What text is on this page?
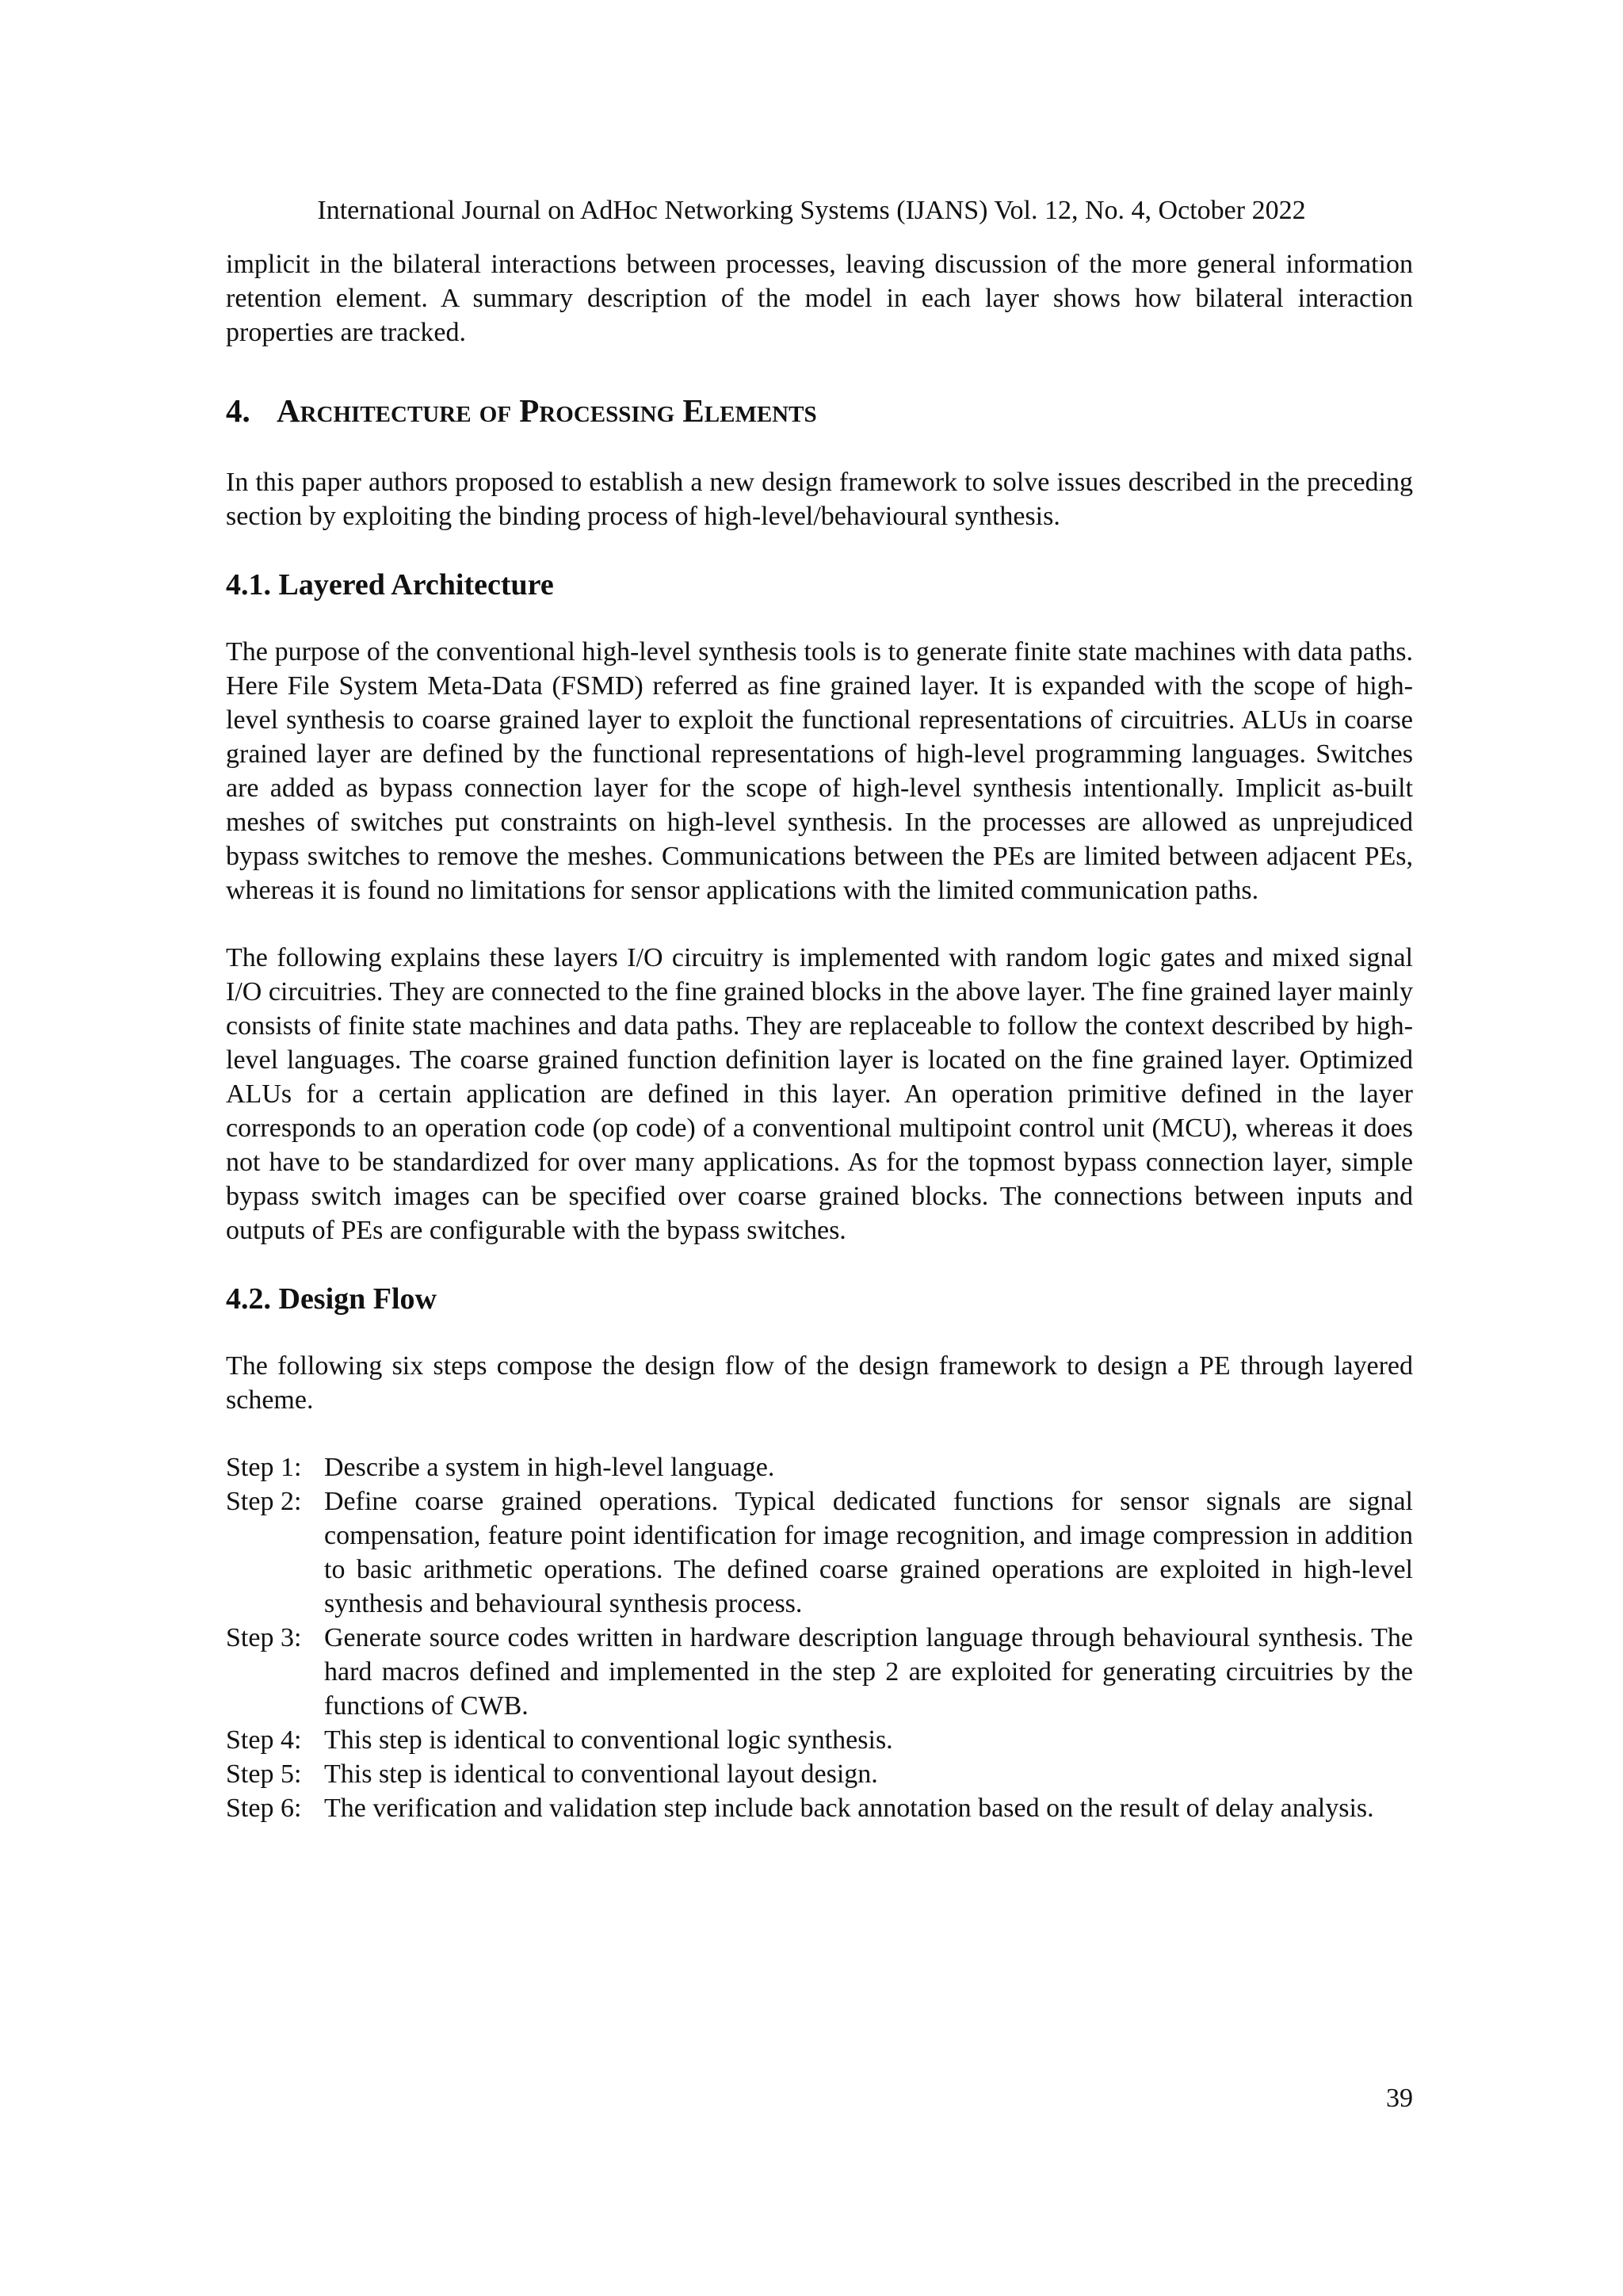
International Journal on AdHoc Networking Systems (IJANS) Vol. 12, No. 4, October 2022

implicit in the bilateral interactions between processes, leaving discussion of the more general information retention element. A summary description of the model in each layer shows how bilateral interaction properties are tracked.

4. Architecture of Processing Elements

In this paper authors proposed to establish a new design framework to solve issues described in the preceding section by exploiting the binding process of high-level/behavioural synthesis.

4.1. Layered Architecture

The purpose of the conventional high-level synthesis tools is to generate finite state machines with data paths. Here File System Meta-Data (FSMD) referred as fine grained layer. It is expanded with the scope of high-level synthesis to coarse grained layer to exploit the functional representations of circuitries. ALUs in coarse grained layer are defined by the functional representations of high-level programming languages. Switches are added as bypass connection layer for the scope of high-level synthesis intentionally. Implicit as-built meshes of switches put constraints on high-level synthesis. In the processes are allowed as unprejudiced bypass switches to remove the meshes. Communications between the PEs are limited between adjacent PEs, whereas it is found no limitations for sensor applications with the limited communication paths.

The following explains these layers I/O circuitry is implemented with random logic gates and mixed signal I/O circuitries. They are connected to the fine grained blocks in the above layer. The fine grained layer mainly consists of finite state machines and data paths. They are replaceable to follow the context described by high-level languages. The coarse grained function definition layer is located on the fine grained layer. Optimized ALUs for a certain application are defined in this layer. An operation primitive defined in the layer corresponds to an operation code (op code) of a conventional multipoint control unit (MCU), whereas it does not have to be standardized for over many applications. As for the topmost bypass connection layer, simple bypass switch images can be specified over coarse grained blocks. The connections between inputs and outputs of PEs are configurable with the bypass switches.

4.2. Design Flow

The following six steps compose the design flow of the design framework to design a PE through layered scheme.

Step 1: Describe a system in high-level language.
Step 2: Define coarse grained operations. Typical dedicated functions for sensor signals are signal compensation, feature point identification for image recognition, and image compression in addition to basic arithmetic operations. The defined coarse grained operations are exploited in high-level synthesis and behavioural synthesis process.
Step 3: Generate source codes written in hardware description language through behavioural synthesis. The hard macros defined and implemented in the step 2 are exploited for generating circuitries by the functions of CWB.
Step 4: This step is identical to conventional logic synthesis.
Step 5: This step is identical to conventional layout design.
Step 6: The verification and validation step include back annotation based on the result of delay analysis.
39
